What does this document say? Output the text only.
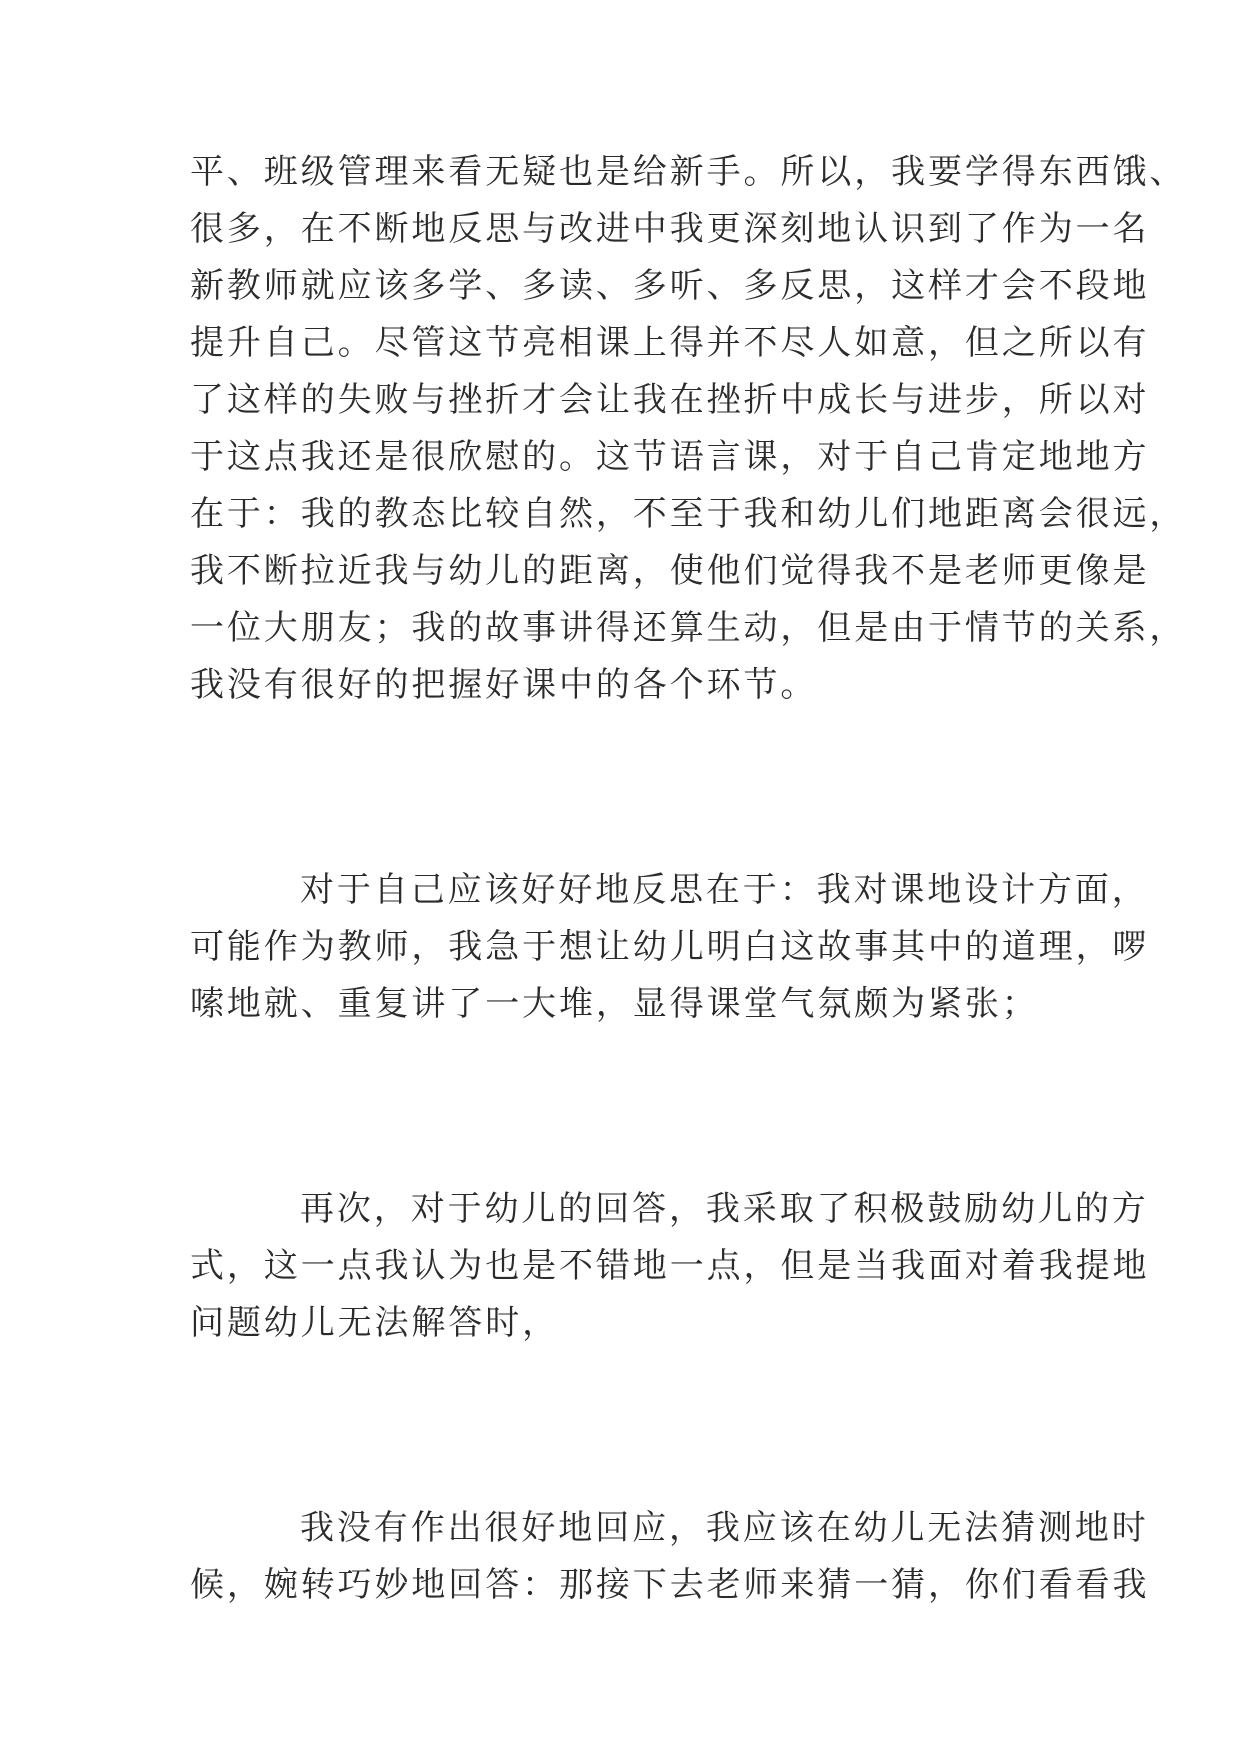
平、班级管理来看无疑也是给新手。所以，我要学得东西饿、
很多，在不断地反思与改进中我更深刻地认识到了作为一名
新教师就应该多学、多读、多听、多反思，这样才会不段地
提升自己。尽管这节亮相课上得并不尽人如意，但之所以有
了这样的失败与挫折才会让我在挫折中成长与进步，所以对
于这点我还是很欣慰的。这节语言课，对于自己肯定地地方
在于：我的教态比较自然，不至于我和幼儿们地距离会很远，
我不断拉近我与幼儿的距离，使他们觉得我不是老师更像是
一位大朋友；我的故事讲得还算生动，但是由于情节的关系，
我没有很好的把握好课中的各个环节。
对于自己应该好好地反思在于：我对课地设计方面，
可能作为教师，我急于想让幼儿明白这故事其中的道理，啰
嗦地就、重复讲了一大堆，显得课堂气氛颇为紧张；
再次，对于幼儿的回答，我采取了积极鼓励幼儿的方
式，这一点我认为也是不错地一点，但是当我面对着我提地
问题幼儿无法解答时，
我没有作出很好地回应，我应该在幼儿无法猜测地时
候，婉转巧妙地回答：那接下去老师来猜一猜，你们看看我
